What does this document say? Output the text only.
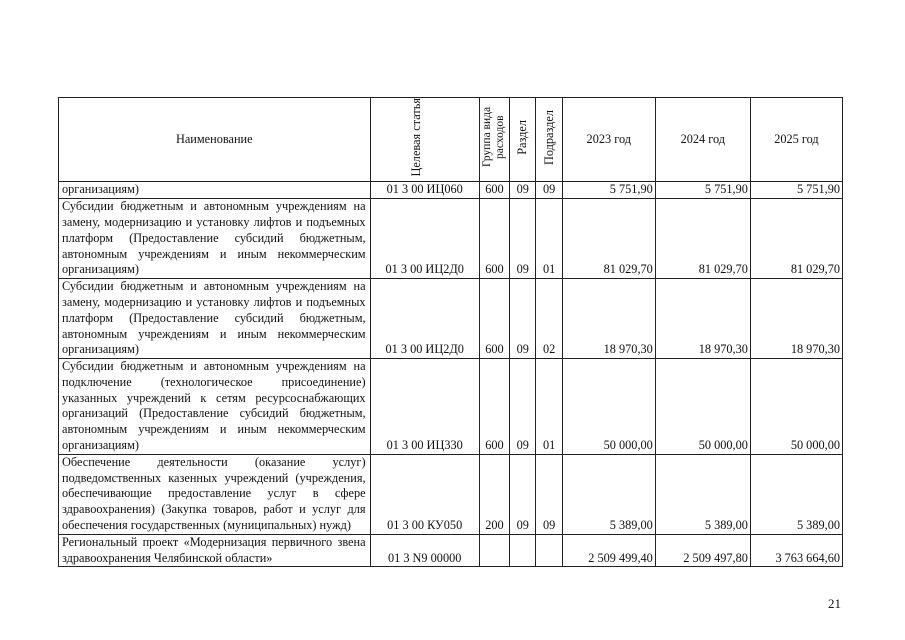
Наименование	Целевая статья	Группа вида расходов	Раздел	Подраздел	2023 год	2024 год	2025 год
организациям)	01 3 00 ИЦ060	600	09	09	5 751,90	5 751,90	5 751,90
Субсидии бюджетным и автономным учреждениям на замену, модернизацию и установку лифтов и подъемных платформ (Предоставление субсидий бюджетным, автономным учреждениям и иным некоммерческим организациям)	01 3 00 ИЦ2Д0	600	09	01	81 029,70	81 029,70	81 029,70
Субсидии бюджетным и автономным учреждениям на замену, модернизацию и установку лифтов и подъемных платформ (Предоставление субсидий бюджетным, автономным учреждениям и иным некоммерческим организациям)	01 3 00 ИЦ2Д0	600	09	02	18 970,30	18 970,30	18 970,30
Субсидии бюджетным и автономным учреждениям на подключение (технологическое присоединение) указанных учреждений к сетям ресурсоснабжающих организаций (Предоставление субсидий бюджетным, автономным учреждениям и иным некоммерческим организациям)	01 3 00 ИЦ330	600	09	01	50 000,00	50 000,00	50 000,00
Обеспечение деятельности (оказание услуг) подведомственных казенных учреждений (учреждения, обеспечивающие предоставление услуг в сфере здравоохранения) (Закупка товаров, работ и услуг для обеспечения государственных (муниципальных) нужд)	01 3 00 КУ050	200	09	09	5 389,00	5 389,00	5 389,00
Региональный проект «Модернизация первичного звена здравоохранения Челябинской области»	01 3 N9 00000				2 509 499,40	2 509 497,80	3 763 664,60
21
